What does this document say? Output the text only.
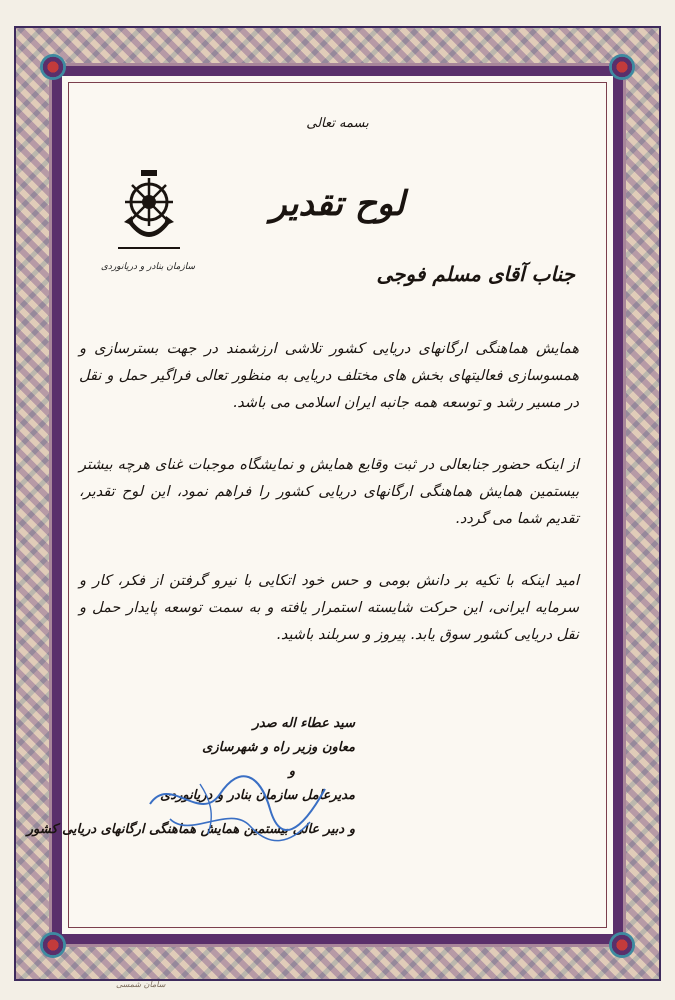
سازمان بنادر و دریانوردی
بسمه تعالی
لوح تقدیر
جناب آقای مسلم فوجی
همایش هماهنگی ارگانهای دریایی کشور تلاشی ارزشمند در جهت بسترسازی و همسوسازی فعالیتهای بخش های مختلف دریایی به منظور تعالی فراگیر حمل و نقل در مسیر رشد و توسعه همه جانبه ایران اسلامی می باشد.
از اینکه حضور جنابعالی در ثبت وقایع همایش و نمایشگاه موجبات غنای هرچه بیشتر بیستمین همایش هماهنگی ارگانهای دریایی کشور را فراهم نمود، این لوح تقدیر، تقدیم شما می گردد.
امید اینکه با تکیه بر دانش بومی و حس خود اتکایی با نیرو گرفتن از فکر، کار و سرمایه ایرانی، این حرکت شایسته استمرار یافته و به سمت توسعه پایدار حمل و نقل دریایی کشور سوق یابد. پیروز و سربلند باشید.
سید عطاء اله صدر
معاون وزیر راه و شهرسازی
و
مدیرعامل سازمان بنادر و دریانوردی
و دبیر عالی بیستمین همایش هماهنگی ارگانهای دریایی کشور
سامان شمسی
